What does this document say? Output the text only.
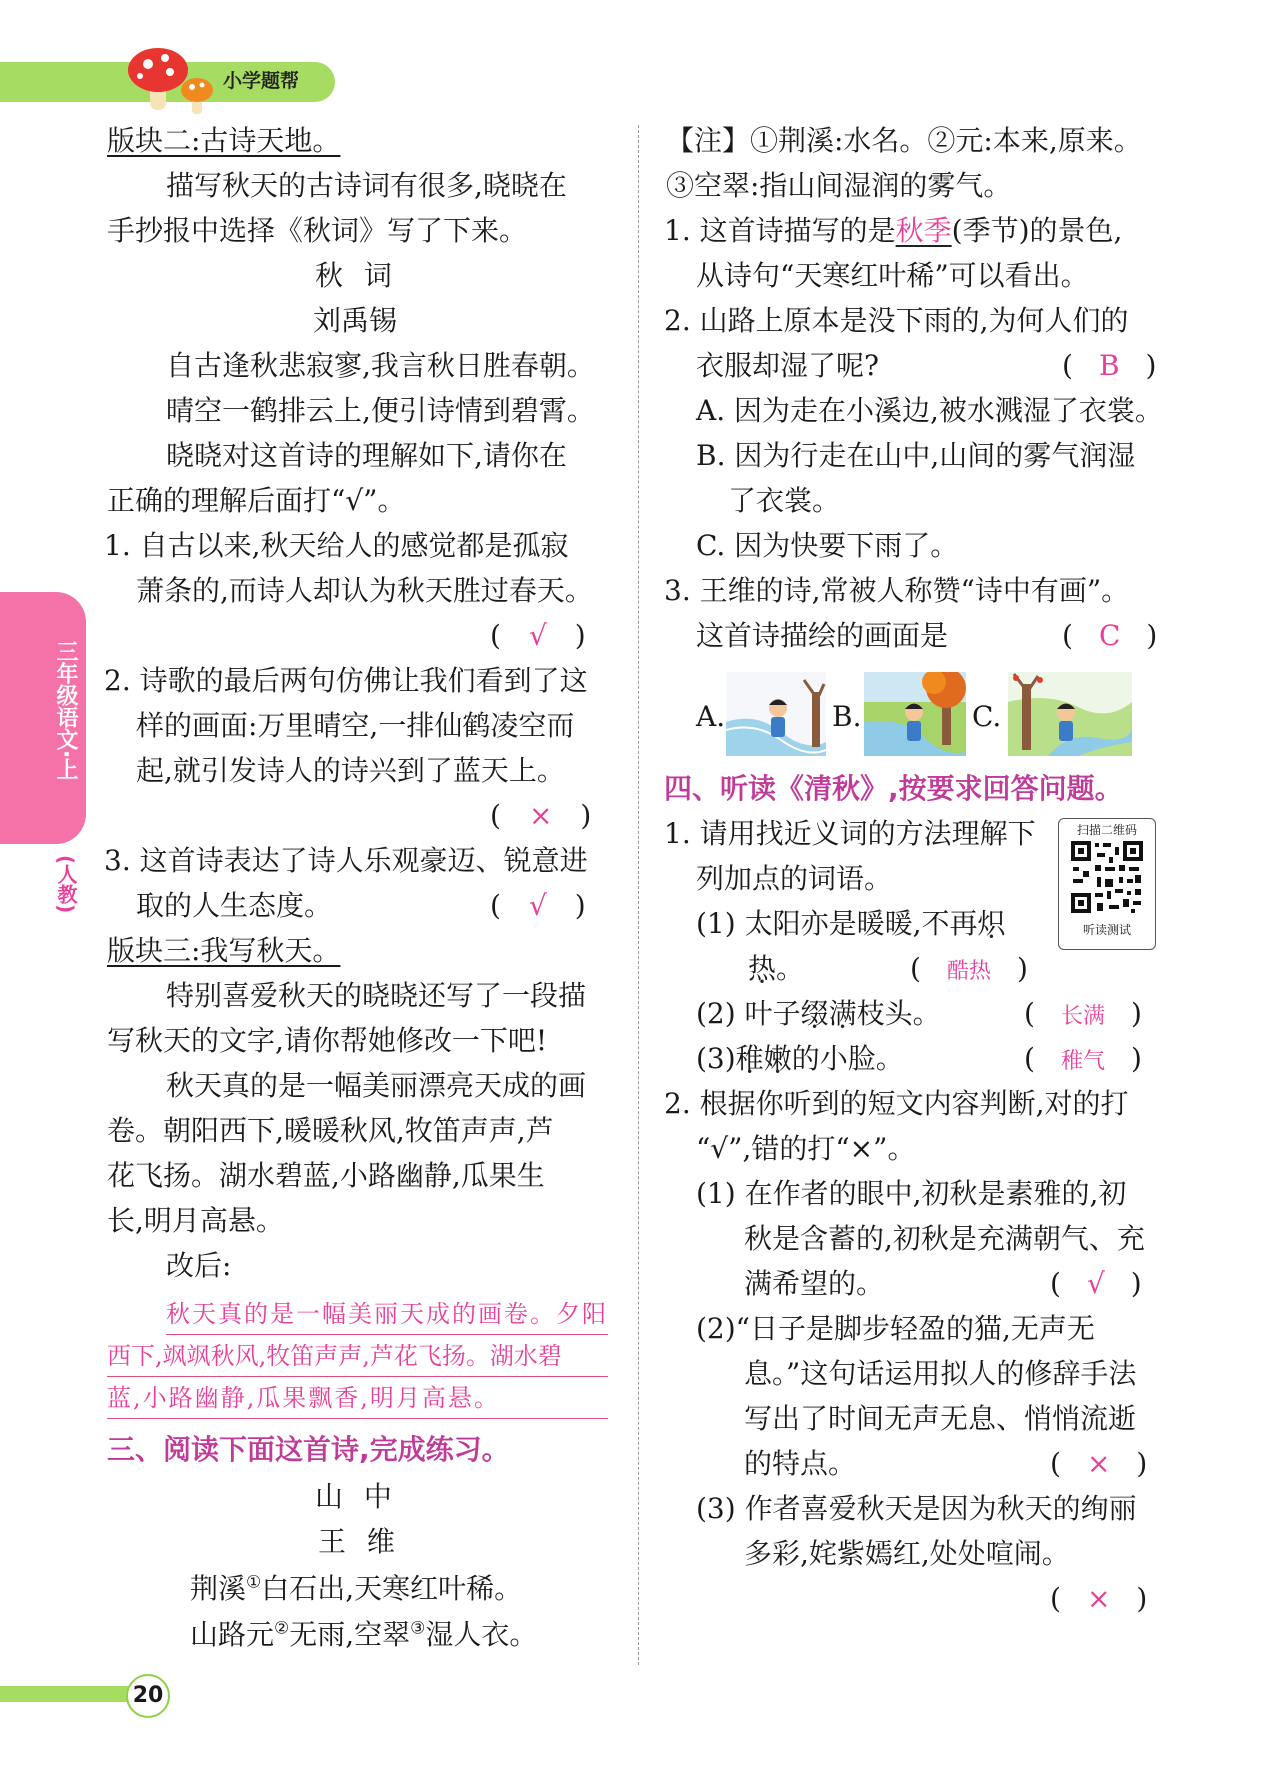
小学题帮
三年级语文·上
(人教)
版块二:古诗天地。
描写秋天的古诗词有很多,晓晓在
手抄报中选择《秋词》写了下来。
秋 词
刘禹锡
自古逢秋悲寂寥,我言秋日胜春朝。
晴空一鹤排云上,便引诗情到碧霄。
晓晓对这首诗的理解如下,请你在
正确的理解后面打“√”。
1. 自古以来,秋天给人的感觉都是孤寂
萧条的,而诗人却认为秋天胜过春天。
( √ )
2. 诗歌的最后两句仿佛让我们看到了这
样的画面:万里晴空,一排仙鹤凌空而
起,就引发诗人的诗兴到了蓝天上。
( × )
3. 这首诗表达了诗人乐观豪迈、锐意进
取的人生态度。	( √ )
版块三:我写秋天。
特别喜爱秋天的晓晓还写了一段描
写秋天的文字,请你帮她修改一下吧!
秋天真的是一幅美丽漂亮天成的画
卷。朝阳西下,暖暖秋风,牧笛声声,芦
花飞扬。湖水碧蓝,小路幽静,瓜果生
长,明月高悬。
改后:
秋天真的是一幅美丽天成的画卷。夕阳
西下,飒飒秋风,牧笛声声,芦花飞扬。湖水碧
蓝,小路幽静,瓜果飘香,明月高悬。
三、阅读下面这首诗,完成练习。
山 中
王 维
荆溪①白石出,天寒红叶稀。
山路元②无雨,空翠③湿人衣。
【注】①荆溪:水名。②元:本来,原来。
③空翠:指山间湿润的雾气。
1. 这首诗描写的是秋季(季节)的景色,
从诗句“天寒红叶稀”可以看出。
2. 山路上原本是没下雨的,为何人们的
衣服却湿了呢?	( B )
A. 因为走在小溪边,被水溅湿了衣裳。
B. 因为行走在山中,山间的雾气润湿
了衣裳。
C. 因为快要下雨了。
3. 王维的诗,常被人称赞“诗中有画”。
这首诗描绘的画面是	( C )
A.	B.	C.
四、听读《清秋》,按要求回答问题。
1. 请用找近义词的方法理解下
列加点的词语。
扫描二维码
听读测试
(1) 太阳亦是暖暖,不再炽
热。	( 酷热 )
(2) 叶子缀满枝头。	( 长满 )
(3)稚嫩的小脸。	( 稚气 )
2. 根据你听到的短文内容判断,对的打
“√”,错的打“×”。
(1) 在作者的眼中,初秋是素雅的,初
秋是含蓄的,初秋是充满朝气、充
满希望的。	( √ )
(2)“日子是脚步轻盈的猫,无声无
息。”这句话运用拟人的修辞手法
写出了时间无声无息、悄悄流逝
的特点。	( × )
(3) 作者喜爱秋天是因为秋天的绚丽
多彩,姹紫嫣红,处处喧闹。
( × )
20
